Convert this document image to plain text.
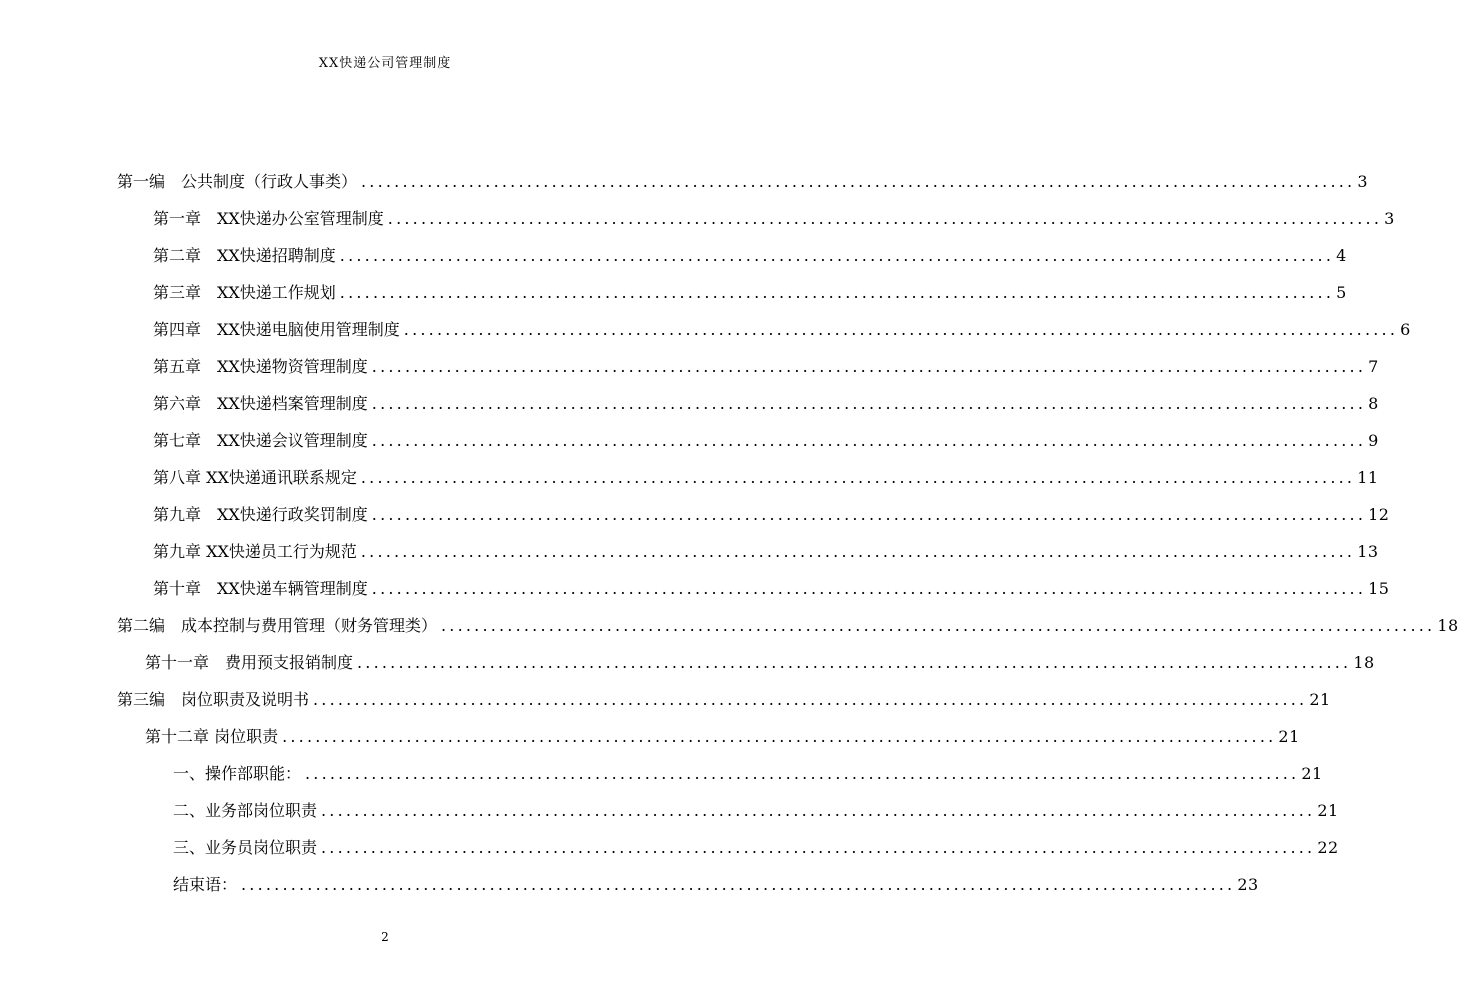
XX快递公司管理制度
第一编　公共制度（行政人事类） ........................................................................................................................ 3
第一章　XX快递办公室管理制度 ........................................................................................................................ 3
第二章　XX快递招聘制度 ........................................................................................................................ 4
第三章　XX快递工作规划 ........................................................................................................................ 5
第四章　XX快递电脑使用管理制度 ........................................................................................................................ 6
第五章　XX快递物资管理制度 ........................................................................................................................ 7
第六章　XX快递档案管理制度 ........................................................................................................................ 8
第七章　XX快递会议管理制度 ........................................................................................................................ 9
第八章 XX快递通讯联系规定 ........................................................................................................................ 11
第九章　XX快递行政奖罚制度 ........................................................................................................................ 12
第九章 XX快递员工行为规范 ........................................................................................................................ 13
第十章　XX快递车辆管理制度 ........................................................................................................................ 15
第二编　成本控制与费用管理（财务管理类） ........................................................................................................................ 18
第十一章　费用预支报销制度 ........................................................................................................................ 18
第三编　岗位职责及说明书 ........................................................................................................................ 21
第十二章 岗位职责 ........................................................................................................................ 21
一、操作部职能： ........................................................................................................................ 21
二、业务部岗位职责 ........................................................................................................................ 21
三、业务员岗位职责 ........................................................................................................................ 22
结束语： ........................................................................................................................ 23
2
